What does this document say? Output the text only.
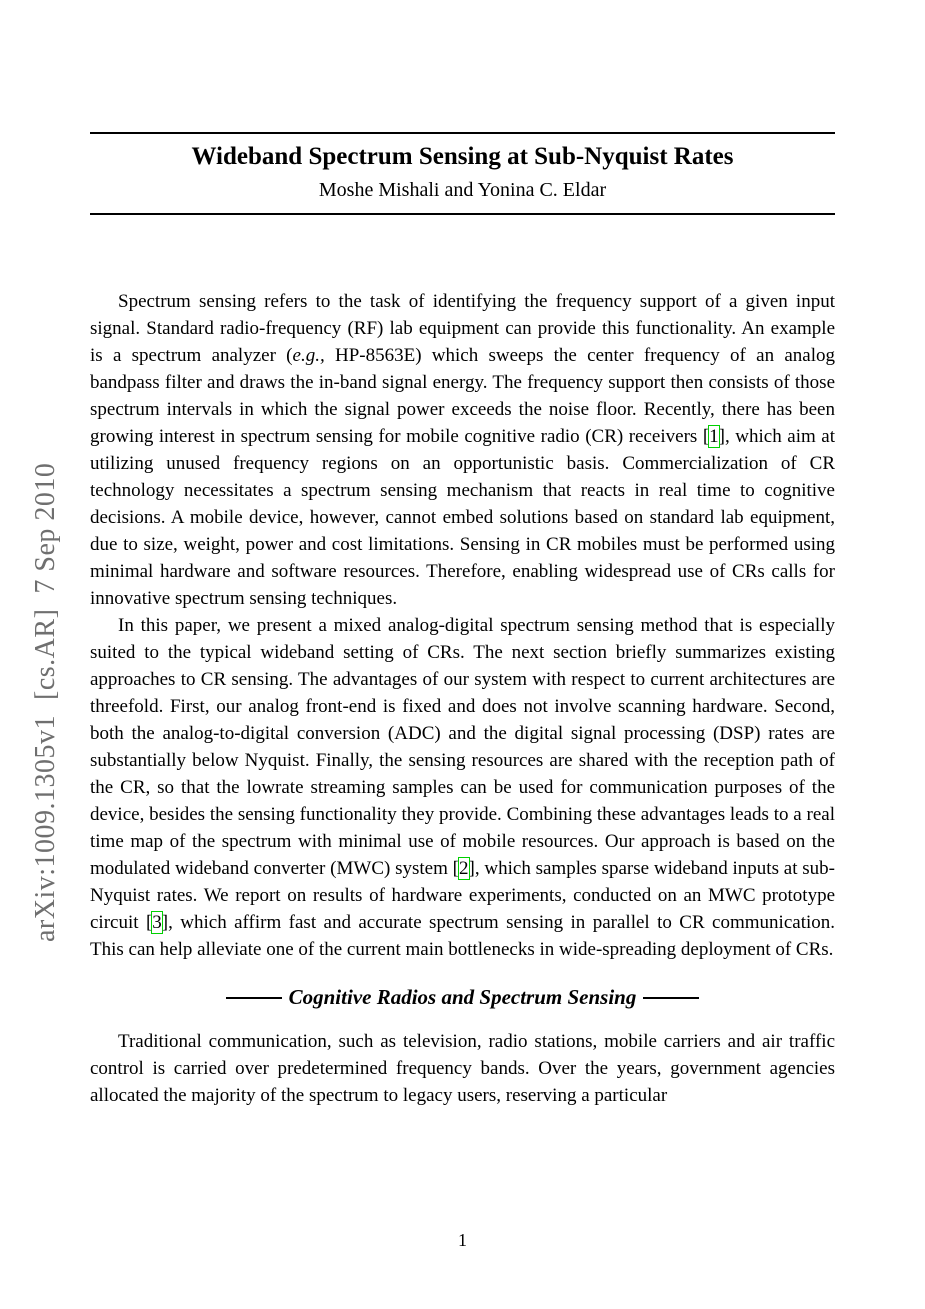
arXiv:1009.1305v1  [cs.AR]  7 Sep 2010
Wideband Spectrum Sensing at Sub-Nyquist Rates
Moshe Mishali and Yonina C. Eldar

Spectrum sensing refers to the task of identifying the frequency support of a given input signal. Standard radio-frequency (RF) lab equipment can provide this functionality. An example is a spectrum analyzer (e.g., HP-8563E) which sweeps the center frequency of an analog bandpass filter and draws the in-band signal energy. The frequency support then consists of those spectrum intervals in which the signal power exceeds the noise floor. Recently, there has been growing interest in spectrum sensing for mobile cognitive radio (CR) receivers [1], which aim at utilizing unused frequency regions on an opportunistic basis. Commercialization of CR technology necessitates a spectrum sensing mechanism that reacts in real time to cognitive decisions. A mobile device, however, cannot embed solutions based on standard lab equipment, due to size, weight, power and cost limitations. Sensing in CR mobiles must be performed using minimal hardware and software resources. Therefore, enabling widespread use of CRs calls for innovative spectrum sensing techniques.

In this paper, we present a mixed analog-digital spectrum sensing method that is especially suited to the typical wideband setting of CRs. The next section briefly summarizes existing approaches to CR sensing. The advantages of our system with respect to current architectures are threefold. First, our analog front-end is fixed and does not involve scanning hardware. Second, both the analog-to-digital conversion (ADC) and the digital signal processing (DSP) rates are substantially below Nyquist. Finally, the sensing resources are shared with the reception path of the CR, so that the lowrate streaming samples can be used for communication purposes of the device, besides the sensing functionality they provide. Combining these advantages leads to a real time map of the spectrum with minimal use of mobile resources. Our approach is based on the modulated wideband converter (MWC) system [2], which samples sparse wideband inputs at sub-Nyquist rates. We report on results of hardware experiments, conducted on an MWC prototype circuit [3], which affirm fast and accurate spectrum sensing in parallel to CR communication. This can help alleviate one of the current main bottlenecks in wide-spreading deployment of CRs.

Cognitive Radios and Spectrum Sensing

Traditional communication, such as television, radio stations, mobile carriers and air traffic control is carried over predetermined frequency bands. Over the years, government agencies allocated the majority of the spectrum to legacy users, reserving a particular

1
